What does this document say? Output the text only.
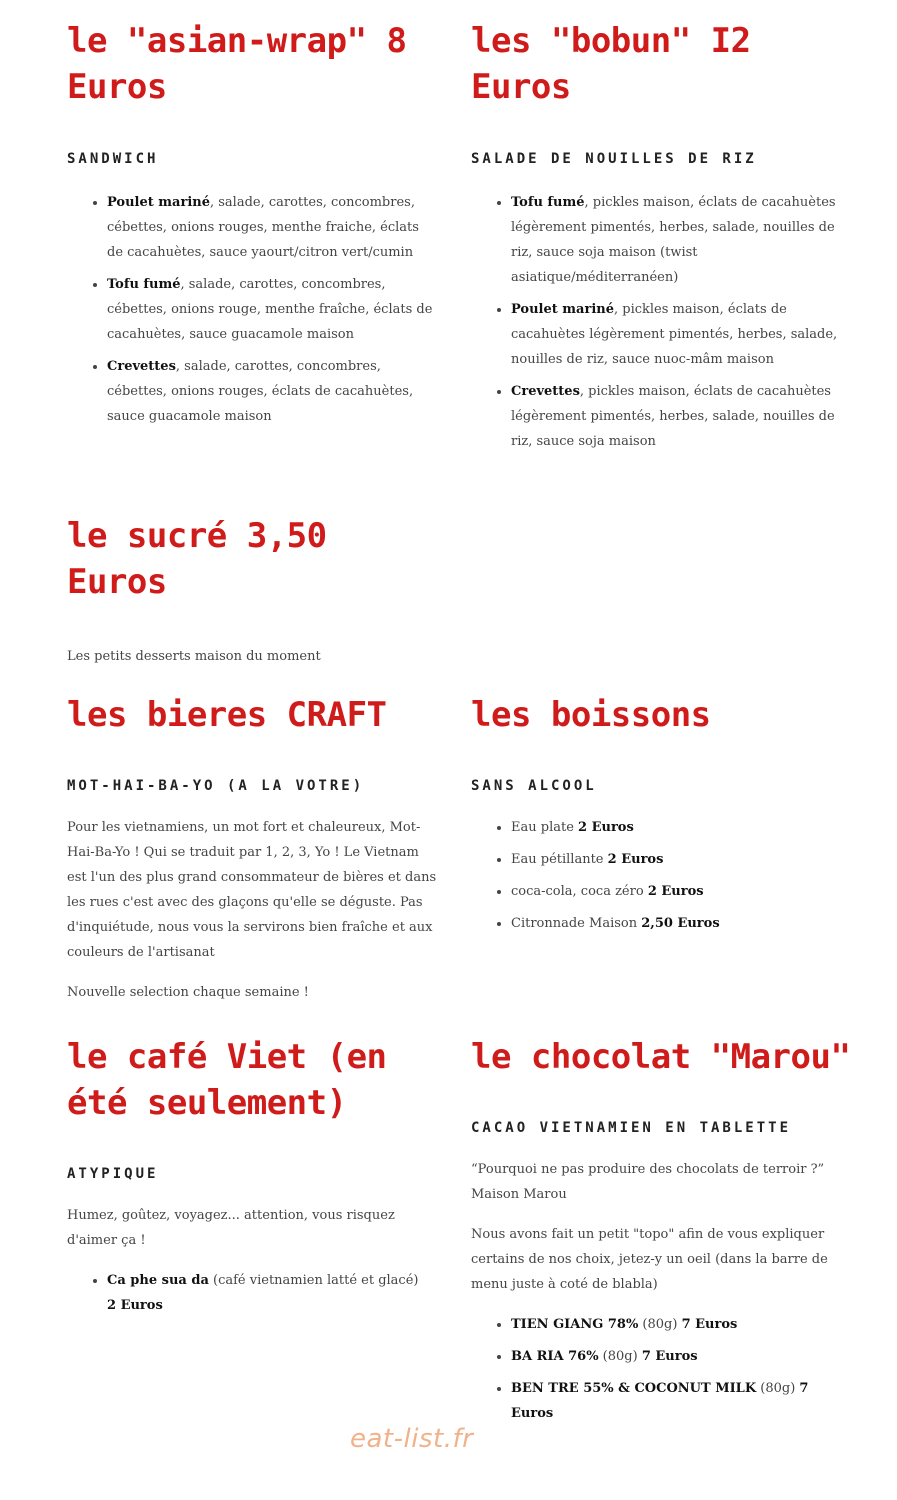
le "asian-wrap" 8 Euros

SANDWICH

• Poulet mariné, salade, carottes, concombres, cébettes, onions rouges, menthe fraiche, éclats de cacahuètes, sauce yaourt/citron vert/cumin
• Tofu fumé, salade, carottes, concombres, cébettes, onions rouge, menthe fraîche, éclats de cacahuètes, sauce guacamole maison
• Crevettes, salade, carottes, concombres, cébettes, onions rouges, éclats de cacahuètes, sauce guacamole maison
les "bobun" I2 Euros

SALADE DE NOUILLES DE RIZ

• Tofu fumé, pickles maison, éclats de cacahuètes légèrement pimentés, herbes, salade, nouilles de riz, sauce soja maison (twist asiatique/méditerranéen)
• Poulet mariné, pickles maison, éclats de cacahuètes légèrement pimentés, herbes, salade, nouilles de riz, sauce nuoc-mâm maison
• Crevettes, pickles maison, éclats de cacahuètes légèrement pimentés, herbes, salade, nouilles de riz, sauce soja maison
le sucré 3,50 Euros

Les petits desserts maison du moment

les bieres CRAFT

MOT-HAI-BA-YO (A LA VOTRE)

Pour les vietnamiens, un mot fort et chaleureux, Mot-Hai-Ba-Yo ! Qui se traduit par 1, 2, 3, Yo ! Le Vietnam est l'un des plus grand consommateur de bières et dans les rues c'est avec des glaçons qu'elle se déguste. Pas d'inquiétude, nous vous la servirons bien fraîche et aux couleurs de l'artisanat

Nouvelle selection chaque semaine !

les boissons

SANS ALCOOL

• Eau plate 2 Euros
• Eau pétillante 2 Euros
• coca-cola, coca zéro 2 Euros
• Citronnade Maison 2,50 Euros
le café Viet (en été seulement)

ATYPIQUE

Humez, goûtez, voyagez... attention, vous risquez d'aimer ça !

• Ca phe sua da (café vietnamien latté et glacé)
2 Euros
le chocolat "Marou"

CACAO VIETNAMIEN EN TABLETTE

“Pourquoi ne pas produire des chocolats de terroir ?” Maison Marou

Nous avons fait un petit "topo" afin de vous expliquer certains de nos choix, jetez-y un oeil (dans la barre de menu juste à coté de blabla)

• TIEN GIANG 78% (80g) 7 Euros
• BA RIA 76% (80g) 7 Euros
• BEN TRE 55% & COCONUT MILK (80g) 7 Euros
eat-list.fr
